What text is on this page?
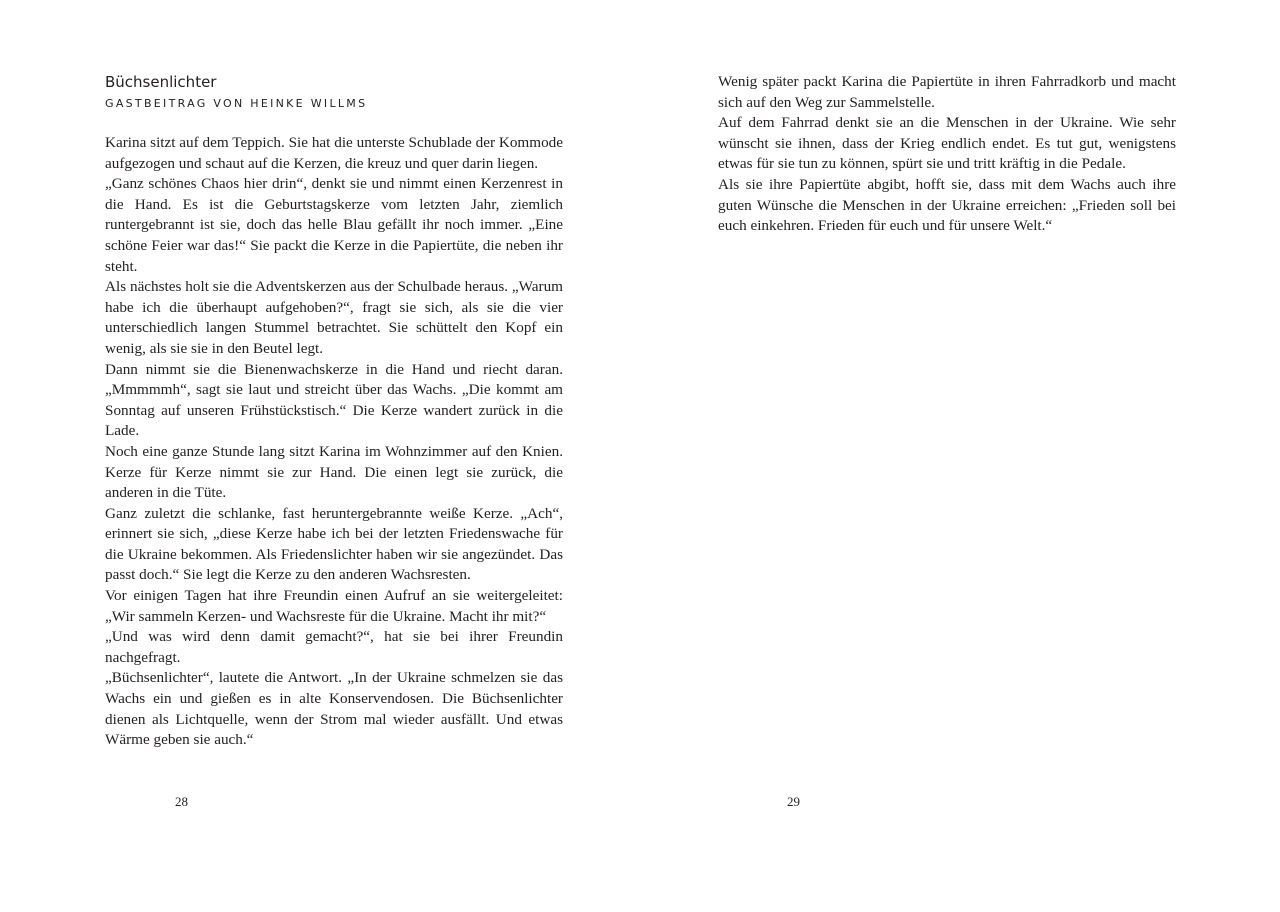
Büchsenlichter
GASTBEITRAG VON HEINKE WILLMS

Karina sitzt auf dem Teppich. Sie hat die unterste Schublade der Kommode aufgezogen und schaut auf die Kerzen, die kreuz und quer darin liegen.

„Ganz schönes Chaos hier drin“, denkt sie und nimmt einen Kerzenrest in die Hand. Es ist die Geburtstagskerze vom letzten Jahr, ziemlich runtergebrannt ist sie, doch das helle Blau gefällt ihr noch immer. „Eine schöne Feier war das!“ Sie packt die Kerze in die Papiertüte, die neben ihr steht.

Als nächstes holt sie die Adventskerzen aus der Schulbade heraus. „Warum habe ich die überhaupt aufgehoben?“, fragt sie sich, als sie die vier unterschiedlich langen Stummel betrachtet. Sie schüttelt den Kopf ein wenig, als sie sie in den Beutel legt.

Dann nimmt sie die Bienenwachskerze in die Hand und riecht daran. „Mmmmmh“, sagt sie laut und streicht über das Wachs. „Die kommt am Sonntag auf unseren Frühstückstisch.“ Die Kerze wandert zurück in die Lade.

Noch eine ganze Stunde lang sitzt Karina im Wohnzimmer auf den Knien. Kerze für Kerze nimmt sie zur Hand. Die einen legt sie zurück, die anderen in die Tüte.

Ganz zuletzt die schlanke, fast heruntergebrannte weiße Kerze. „Ach“, erinnert sie sich, „diese Kerze habe ich bei der letzten Friedenswache für die Ukraine bekommen. Als Friedenslichter haben wir sie angezündet. Das passt doch.“ Sie legt die Kerze zu den anderen Wachsresten.

Vor einigen Tagen hat ihre Freundin einen Aufruf an sie weitergeleitet: „Wir sammeln Kerzen- und Wachsreste für die Ukraine. Macht ihr mit?“

„Und was wird denn damit gemacht?“, hat sie bei ihrer Freundin nachgefragt.

„Büchsenlichter“, lautete die Antwort. „In der Ukraine schmelzen sie das Wachs ein und gießen es in alte Konservendosen. Die Büchsenlichter dienen als Lichtquelle, wenn der Strom mal wieder ausfällt. Und etwas Wärme geben sie auch.“

28

Wenig später packt Karina die Papiertüte in ihren Fahrradkorb und macht sich auf den Weg zur Sammelstelle.

Auf dem Fahrrad denkt sie an die Menschen in der Ukraine. Wie sehr wünscht sie ihnen, dass der Krieg endlich endet. Es tut gut, wenigstens etwas für sie tun zu können, spürt sie und tritt kräftig in die Pedale.

Als sie ihre Papiertüte abgibt, hofft sie, dass mit dem Wachs auch ihre guten Wünsche die Menschen in der Ukraine erreichen: „Frieden soll bei euch einkehren. Frieden für euch und für unsere Welt.“

29
